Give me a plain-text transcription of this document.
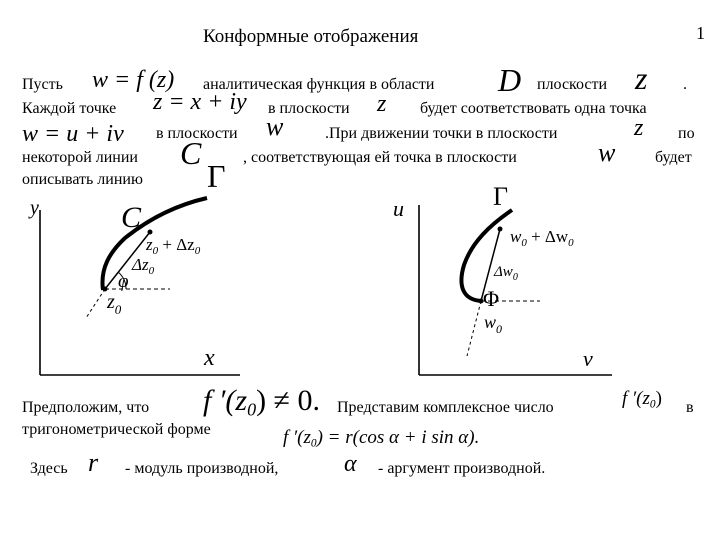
Конформные отображения	1
Пусть w = f (z) аналитическая функция в области D плоскости z .
Каждой точке z = x + iy в плоскости z будет соответствовать одна точка
w = u + iv в плоскости w	.При движении точки в плоскости	z по
некоторой линии C	, соответствующая ей точка в плоскости	w будет
описывать линию Γ
y
x
C
$z_0 + \Delta z_0$
$\Delta z_0$
φ
$z_0$
u
v
Γ
$w_0 + \Delta w_0$
$\Delta w_0$
Φ
$w_0$
Предположим, что f $'(z_0) \ne 0$. Представим комплексное число	f $'(z_0)$ в
тригонометрической форме	f $'(z_0) = r(\cos$ α + i sin α).
Здесь r - модуль производной,	α - аргумент производной.
